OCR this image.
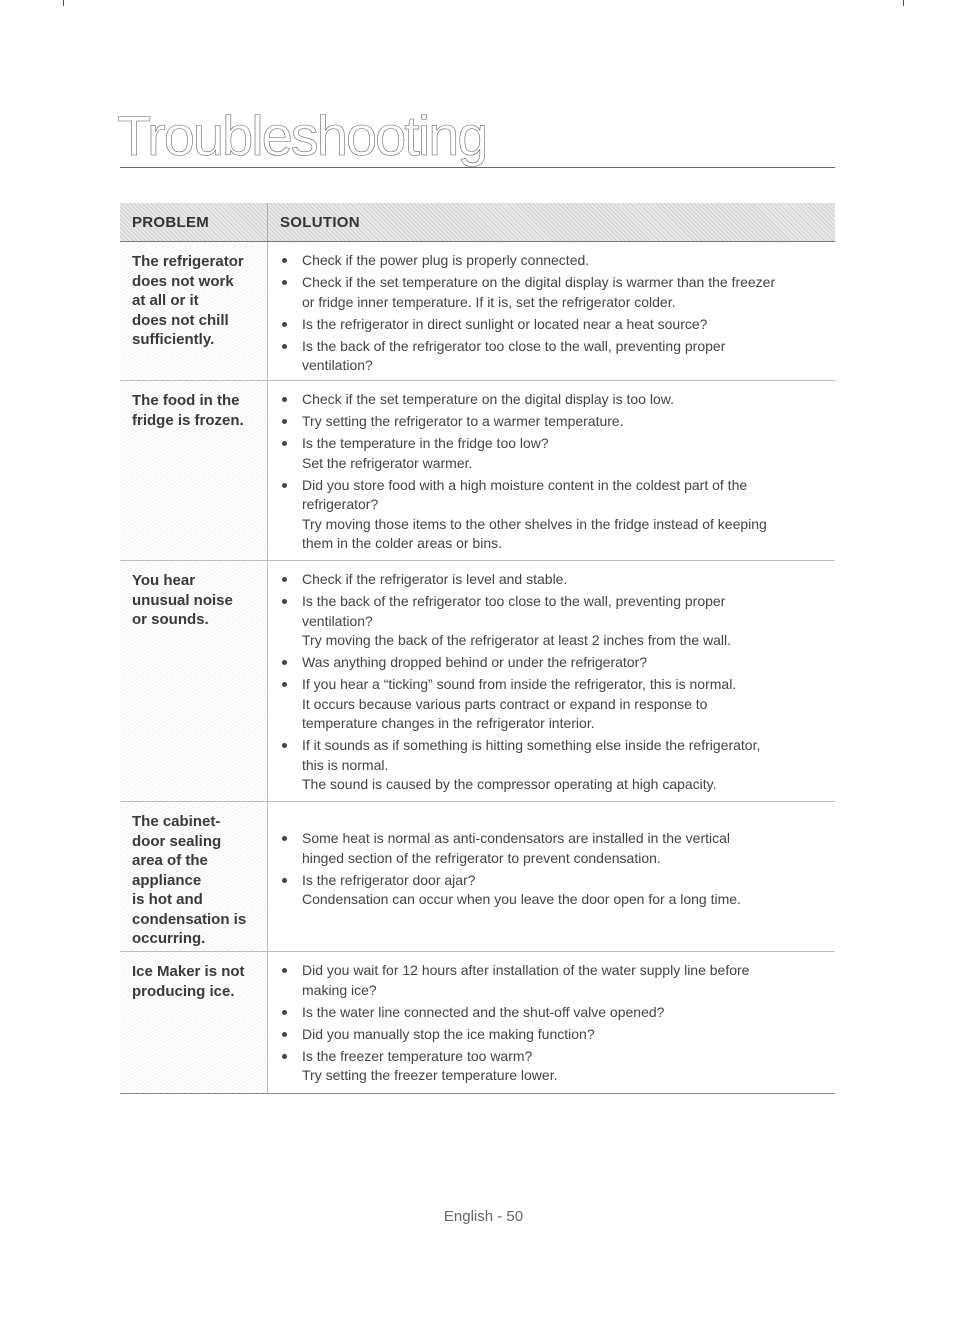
Troubleshooting
PROBLEM	SOLUTION
The refrigerator
does not work
at all or it
does not chill
sufficiently.
Check if the power plug is properly connected.
Check if the set temperature on the digital display is warmer than the freezer
or fridge inner temperature. If it is, set the refrigerator colder.
Is the refrigerator in direct sunlight or located near a heat source?
Is the back of the refrigerator too close to the wall, preventing proper
ventilation?
The food in the
fridge is frozen.
Check if the set temperature on the digital display is too low.
Try setting the refrigerator to a warmer temperature.
Is the temperature in the fridge too low?
Set the refrigerator warmer.
Did you store food with a high moisture content in the coldest part of the
refrigerator?
Try moving those items to the other shelves in the fridge instead of keeping
them in the colder areas or bins.
You hear
unusual noise
or sounds.
Check if the refrigerator is level and stable.
Is the back of the refrigerator too close to the wall, preventing proper
ventilation?
Try moving the back of the refrigerator at least 2 inches from the wall.
Was anything dropped behind or under the refrigerator?
If you hear a “ticking” sound from inside the refrigerator, this is normal.
It occurs because various parts contract or expand in response to
temperature changes in the refrigerator interior.
If it sounds as if something is hitting something else inside the refrigerator,
this is normal.
The sound is caused by the compressor operating at high capacity.
The cabinet-
door sealing
area of the
appliance
is hot and
condensation is
occurring.
Some heat is normal as anti-condensators are installed in the vertical
hinged section of the refrigerator to prevent condensation.
Is the refrigerator door ajar?
Condensation can occur when you leave the door open for a long time.
Ice Maker is not
producing ice.
Did you wait for 12 hours after installation of the water supply line before
making ice?
Is the water line connected and the shut-off valve opened?
Did you manually stop the ice making function?
Is the freezer temperature too warm?
Try setting the freezer temperature lower.
English - 50
